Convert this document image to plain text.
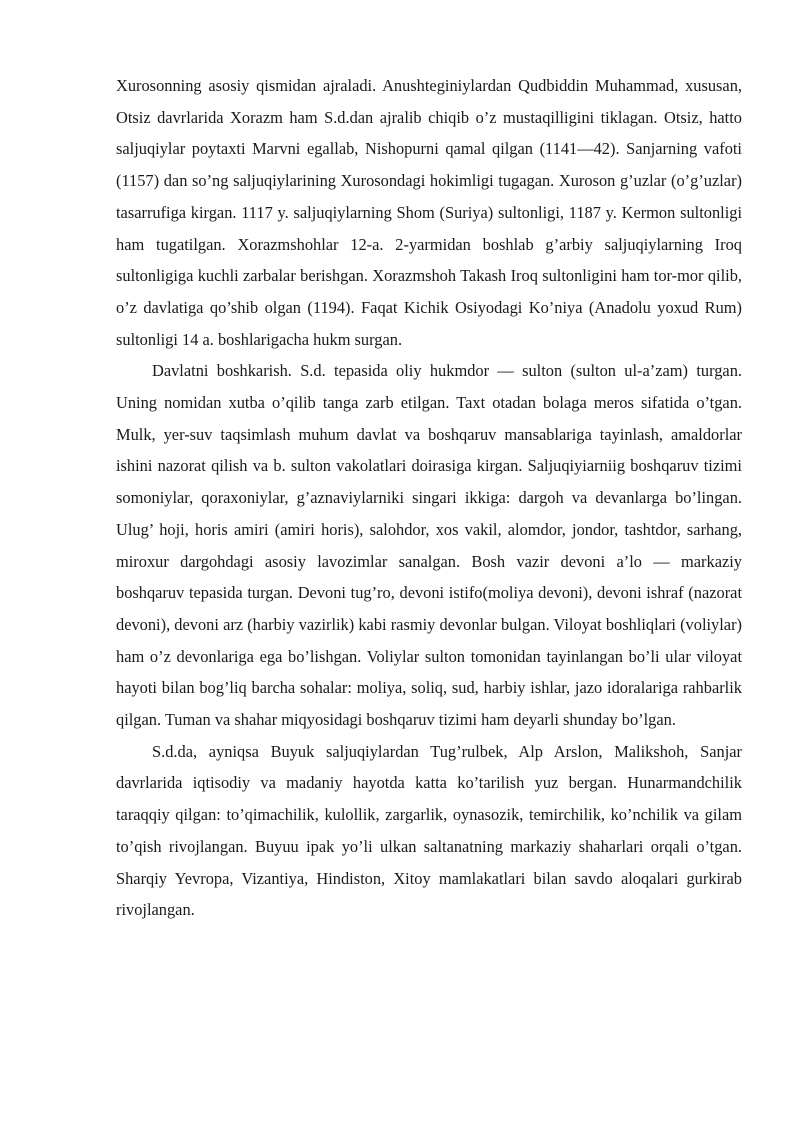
Xurosonning asosiy qismidan ajraladi. Anushteginiylardan Qudbiddin Muhammad, xususan, Otsiz davrlarida Xorazm ham S.d.dan ajralib chiqib o’z mustaqilligini tiklagan. Otsiz, hatto saljuqiylar poytaxti Marvni egallab, Nishopurni qamal qilgan (1141—42). Sanjarning vafoti (1157) dan so’ng saljuqiylarining Xurosondagi hokimligi tugagan. Xuroson g’uzlar (o’g’uzlar) tasarrufiga kirgan. 1117 y. saljuqiylarning Shom (Suriya) sultonligi, 1187 y. Kermon sultonligi ham tugatilgan. Xorazmshohlar 12-a. 2-yarmidan boshlab g’arbiy saljuqiylarning Iroq sultonligiga kuchli zarbalar berishgan. Xorazmshoh Takash Iroq sultonligini ham tor-mor qilib, o’z davlatiga qo’shib olgan (1194). Faqat Kichik Osiyodagi Ko’niya (Anadolu yoxud Rum) sultonligi 14 a. boshlarigacha hukm surgan.

Davlatni boshkarish. S.d. tepasida oliy hukmdor — sulton (sulton ul-a’zam) turgan. Uning nomidan xutba o’qilib tanga zarb etilgan. Taxt otadan bolaga meros sifatida o’tgan. Mulk, yer-suv taqsimlash muhum davlat va boshqaruv mansablariga tayinlash, amaldorlar ishini nazorat qilish va b. sulton vakolatlari doirasiga kirgan. Saljuqiyiarniig boshqaruv tizimi somoniylar, qoraxoniylar, g’aznaviylarniki singari ikkiga: dargoh va devanlarga bo’lingan. Ulug’ hoji, horis amiri (amiri horis), salohdor, xos vakil, alomdor, jondor, tashtdor, sarhang, miroxur dargohdagi asosiy lavozimlar sanalgan. Bosh vazir devoni a’lo — markaziy boshqaruv tepasida turgan. Devoni tug’ro, devoni istifo(moliya devoni), devoni ishraf (nazorat devoni), devoni arz (harbiy vazirlik) kabi rasmiy devonlar bulgan. Viloyat boshliqlari (voliylar) ham o’z devonlariga ega bo’lishgan. Voliylar sulton tomonidan tayinlangan bo’li ular viloyat hayoti bilan bog’liq barcha sohalar: moliya, soliq, sud, harbiy ishlar, jazo idoralariga rahbarlik qilgan. Tuman va shahar miqyosidagi boshqaruv tizimi ham deyarli shunday bo’lgan.

S.d.da, ayniqsa Buyuk saljuqiylardan Tug’rulbek, Alp Arslon, Malikshoh, Sanjar davrlarida iqtisodiy va madaniy hayotda katta ko’tarilish yuz bergan. Hunarmandchilik taraqqiy qilgan: to’qimachilik, kulollik, zargarlik, oynasozik, temirchilik, ko’nchilik va gilam to’qish rivojlangan. Buyuu ipak yo’li ulkan saltanatning markaziy shaharlari orqali o’tgan. Sharqiy Yevropa, Vizantiya, Hindiston, Xitoy mamlakatlari bilan savdo aloqalari gurkirab rivojlangan.
